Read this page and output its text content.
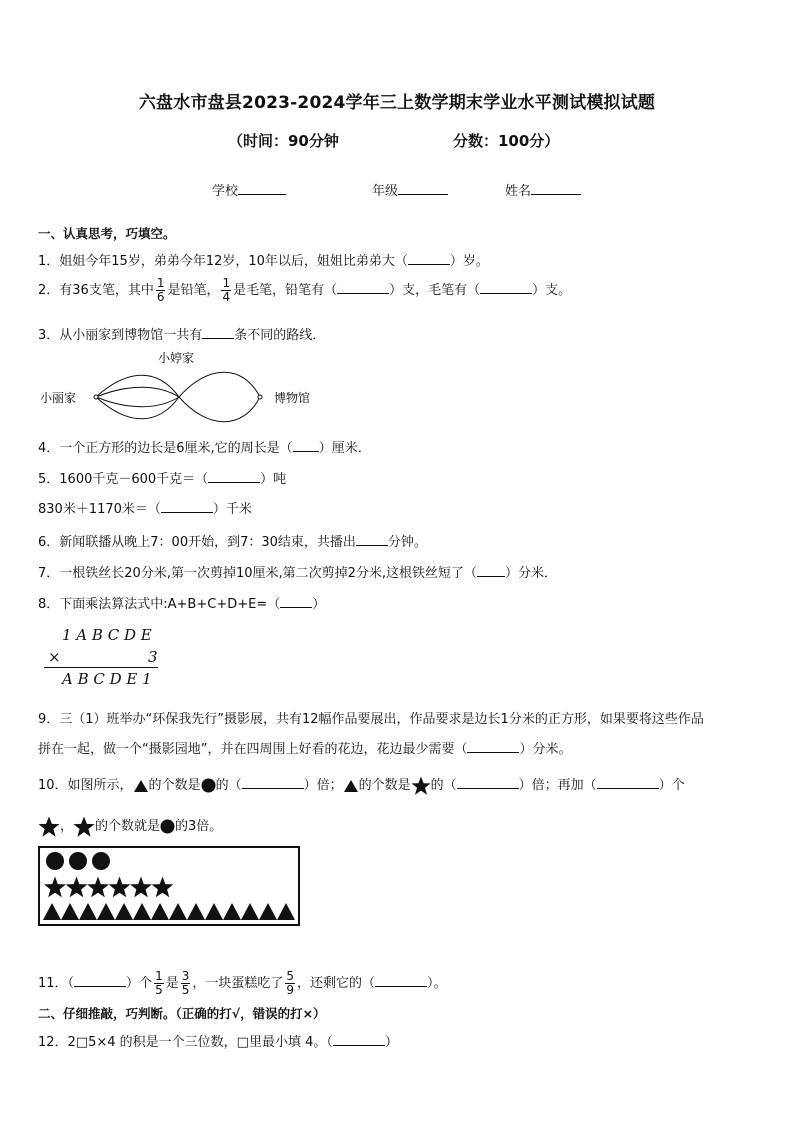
六盘水市盘县2023-2024学年三上数学期末学业水平测试模拟试题
（时间：90分钟	分数：100分）
学校	年级	姓名
一、认真思考，巧填空。
1．姐姐今年15岁，弟弟今年12岁，10年以后，姐姐比弟弟大（	）岁。
2．有36支笔，其中 $\frac{1}{6}$ 是铅笔， $\frac{1}{4}$ 是毛笔，铅笔有（	）支，毛笔有（	）支。
3．从小丽家到博物馆一共有 条不同的路线．
小婷家
小丽家	博物馆
4．一个正方形的边长是6厘米,它的周长是（ ）厘米．
5．1600千克－600千克＝（	）吨
830米＋1170米＝（	）千米
6．新闻联播从晚上7：00开始，到7：30结束，共播出 分钟。
7．一根铁丝长20分米,第一次剪掉10厘米,第二次剪掉2分米,这根铁丝短了（ ）分米．
8．下面乘法算法式中:A+B+C+D+E=（ ）
1 A B C D E
×	3
A B C D E 1
9．三（1）班举办“环保我先行”摄影展，共有12幅作品要展出，作品要求是边长1分米的正方形，如果要将这些作品
拼在一起，做一个“摄影园地”，并在四周围上好看的花边，花边最少需要（	）分米。
10．如图所示， 的个数是 的（	）倍； 的个数是 的（	）倍；再加（	）个
， 的个数就是 的3倍。
11．（	）个 $\frac{1}{5}$ 是 $\frac{3}{5}$ ，一块蛋糕吃了 $\frac{5}{9}$ ，还剩它的（	）。
二、仔细推敲，巧判断。（正确的打√，错误的打×）
12．2□5×4 的积是一个三位数，□里最小填 4。（	）
